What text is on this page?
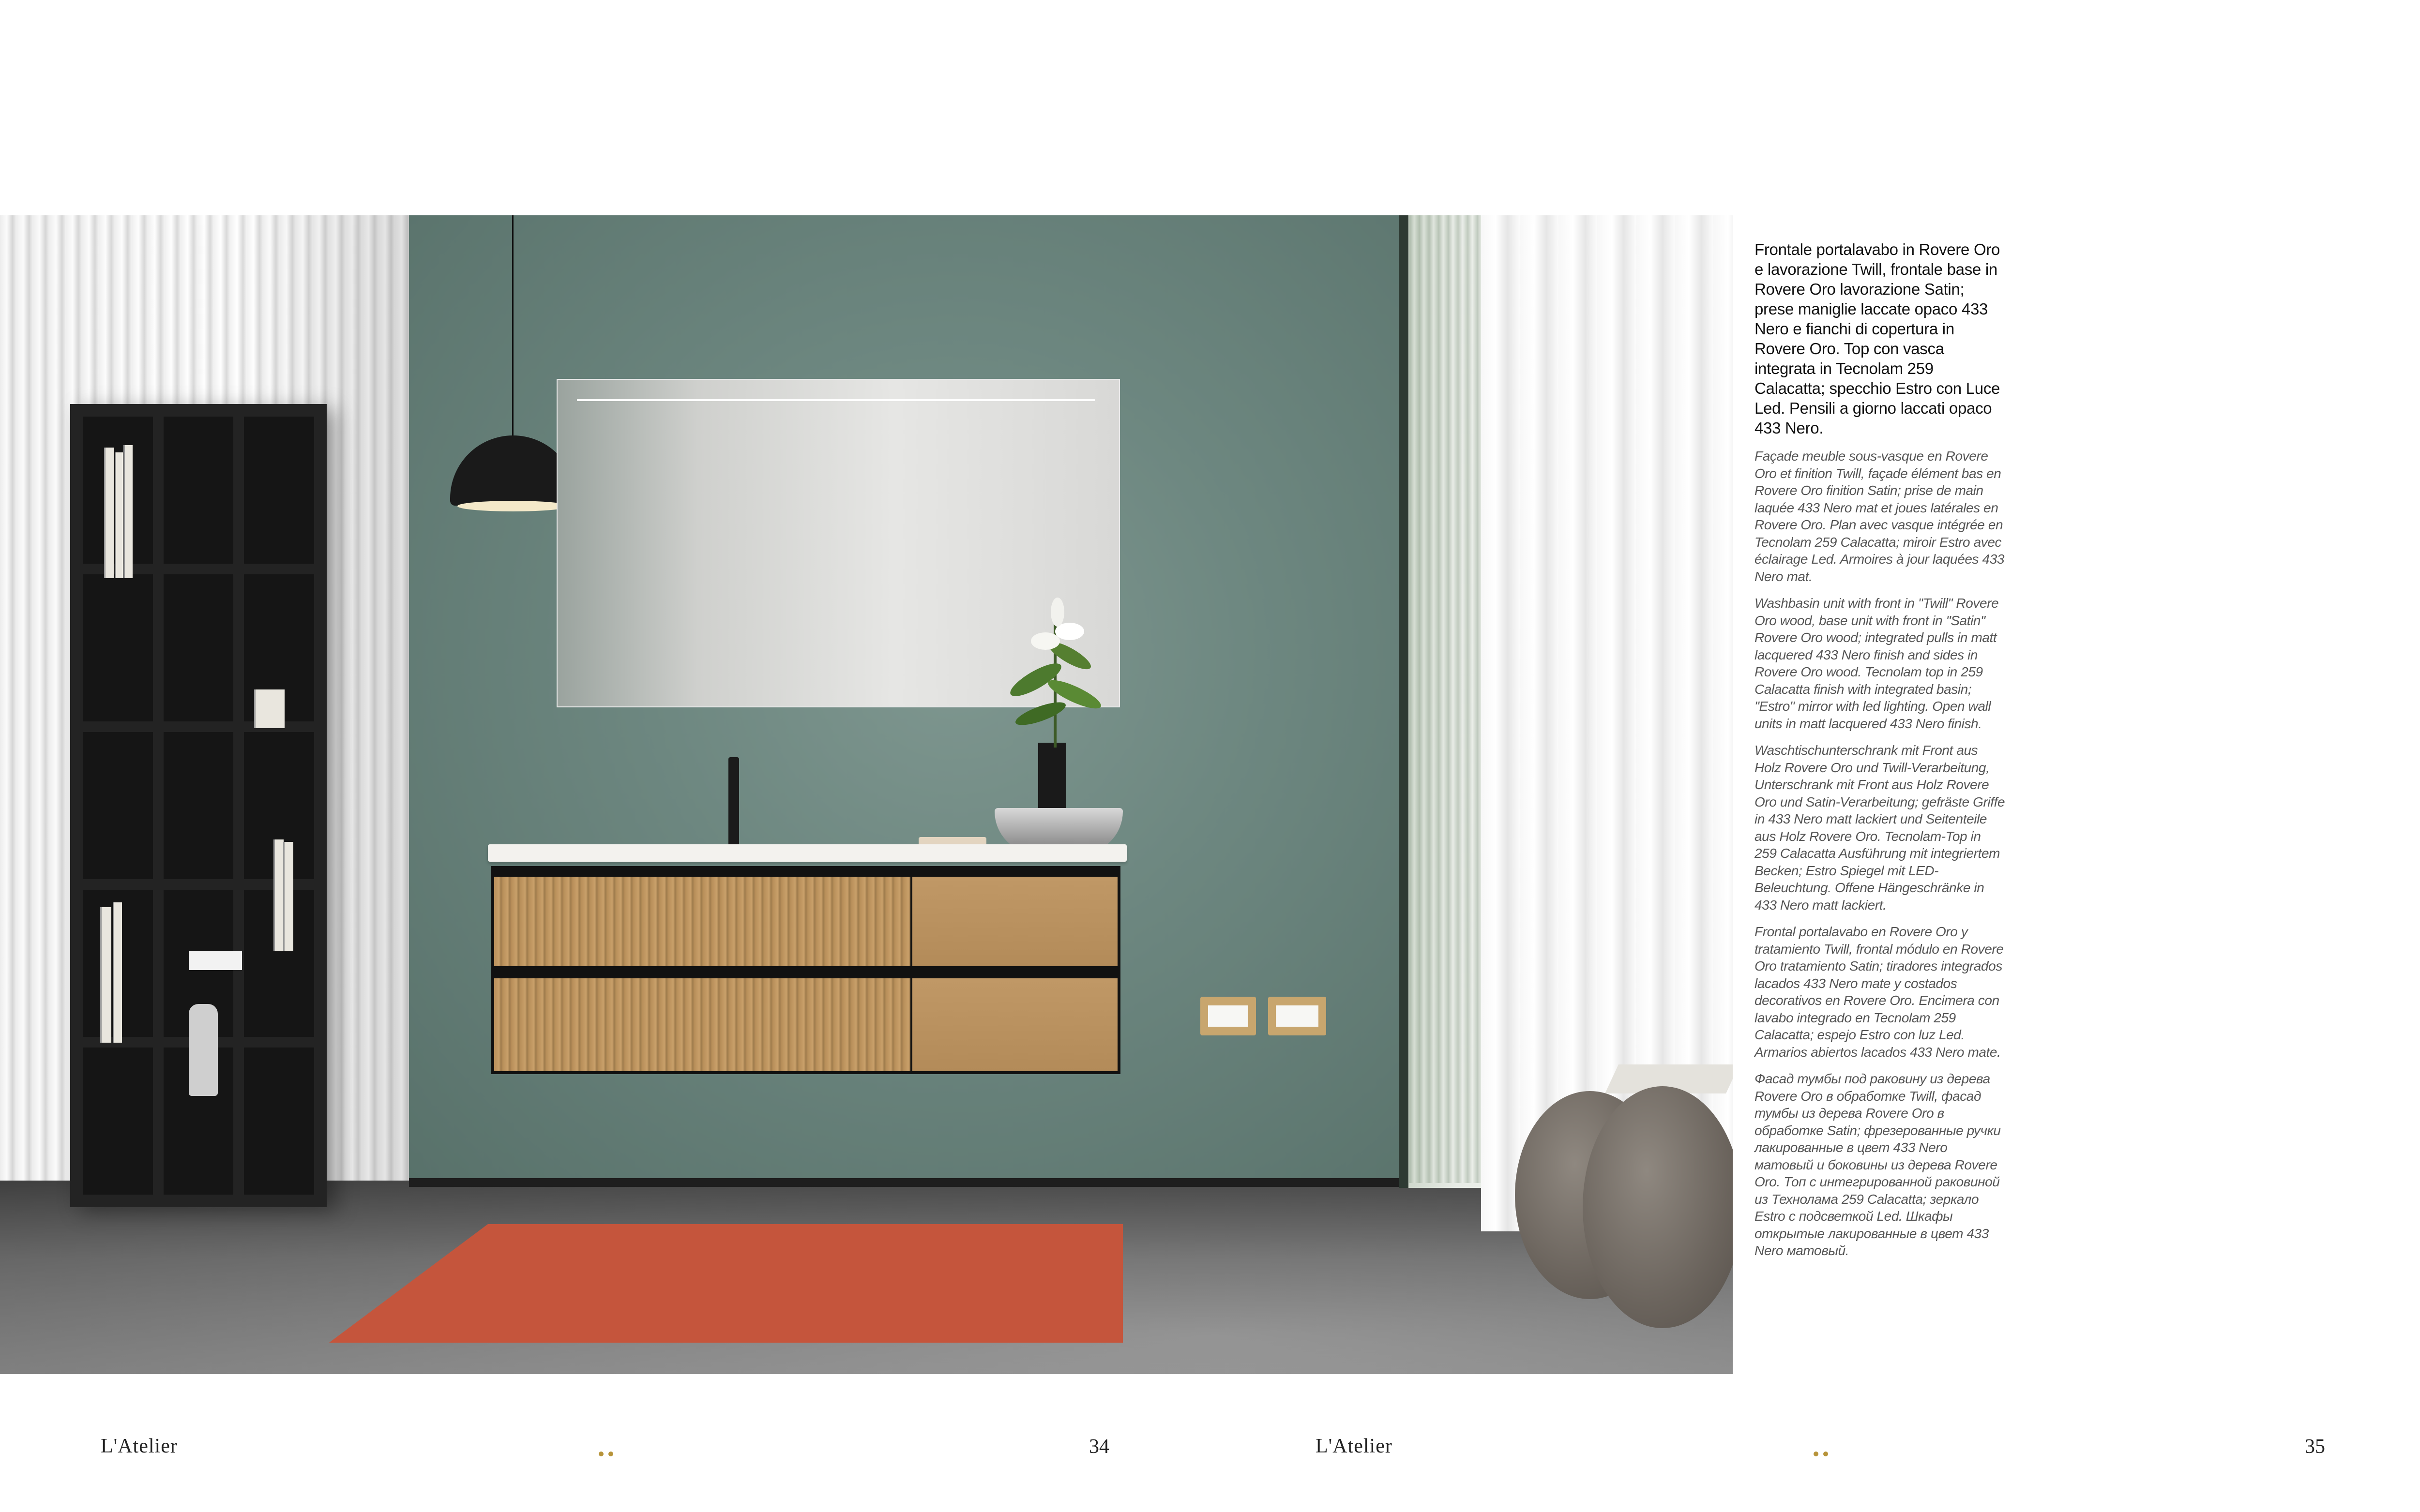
Frontale portalavabo in Rovere Oro e lavorazione Twill, frontale base in Rovere Oro lavorazione Satin; prese maniglie laccate opaco 433 Nero e fianchi di copertura in Rovere Oro. Top con vasca integrata in Tecnolam 259 Calacatta; specchio Estro con Luce Led. Pensili a giorno laccati opaco 433 Nero.

Façade meuble sous-vasque en Rovere Oro et finition Twill, façade élément bas en Rovere Oro finition Satin; prise de main laquée 433 Nero mat et joues latérales en Rovere Oro. Plan avec vasque intégrée en Tecnolam 259 Calacatta; miroir Estro avec éclairage Led. Armoires à jour laquées 433 Nero mat.

Washbasin unit with front in "Twill" Rovere Oro wood, base unit with front in "Satin" Rovere Oro wood; integrated pulls in matt lacquered 433 Nero finish and sides in Rovere Oro wood. Tecnolam top in 259 Calacatta finish with integrated basin; "Estro" mirror with led lighting. Open wall units in matt lacquered 433 Nero finish.

Waschtischunterschrank mit Front aus Holz Rovere Oro und Twill-Verarbeitung, Unterschrank mit Front aus Holz Rovere Oro und Satin-Verarbeitung; gefräste Griffe in 433 Nero matt lackiert und Seitenteile aus Holz Rovere Oro. Tecnolam-Top in 259 Calacatta Ausführung mit integriertem Becken; Estro Spiegel mit LED-Beleuchtung. Offene Hängeschränke in 433 Nero matt lackiert.

Frontal portalavabo en Rovere Oro y tratamiento Twill, frontal módulo en Rovere Oro tratamiento Satin; tiradores integrados lacados 433 Nero mate y costados decorativos en Rovere Oro. Encimera con lavabo integrado en Tecnolam 259 Calacatta; espejo Estro con luz Led. Armarios abiertos lacados 433 Nero mate.

Фасад тумбы под раковину из дерева Rovere Oro в обработке Twill, фасад тумбы из дерева Rovere Oro в обработке Satin; фрезерованные ручки лакированные в цвет 433 Nero матовый и боковины из дерева Rovere Oro. Топ с интегрированной раковиной из Техноламa 259 Calacatta; зеркало Estro с подсветкой Led. Шкафы открытые лакированные в цвет 433 Nero матовый.

L'Atelier	34	L'Atelier	35
